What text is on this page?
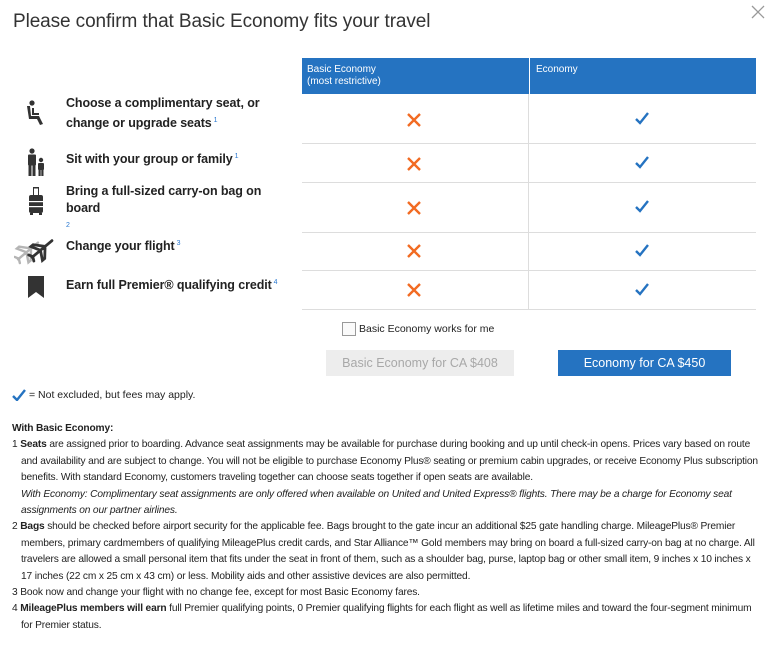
Please confirm that Basic Economy fits your travel
Choose a complimentary seat, or
change or upgrade seats $^1$
Sit with your group or family $^1$
Bring a full-sized carry-on bag on board
$^2$
Change your flight $^3$
Earn full Premier® qualifying credit $^4$
Basic Economy
(most restrictive)
Economy
Basic Economy works for me
Basic Economy for CA $408	Economy for CA $450
= Not excluded, but fees may apply.
With Basic Economy:
1 Seats are assigned prior to boarding. Advance seat assignments may be available for purchase during booking and up until check-in opens. Prices vary based on route and availability and are subject to change. You will not be eligible to purchase Economy Plus® seating or premium cabin upgrades, or receive Economy Plus subscription benefits. With standard Economy, customers traveling together can choose seats together if open seats are available.
With Economy: Complimentary seat assignments are only offered when available on United and United Express® flights. There may be a charge for Economy seat assignments on our partner airlines.
2 Bags should be checked before airport security for the applicable fee. Bags brought to the gate incur an additional $25 gate handling charge. MileagePlus® Premier members, primary cardmembers of qualifying MileagePlus credit cards, and Star Alliance™ Gold members may bring on board a full-sized carry-on bag at no charge. All travelers are allowed a small personal item that fits under the seat in front of them, such as a shoulder bag, purse, laptop bag or other small item, 9 inches x 10 inches x 17 inches (22 cm x 25 cm x 43 cm) or less. Mobility aids and other assistive devices are also permitted.
3 Book now and change your flight with no change fee, except for most Basic Economy fares.
4 MileagePlus members will earn full Premier qualifying points, 0 Premier qualifying flights for each flight as well as lifetime miles and toward the four-segment minimum for Premier status.
